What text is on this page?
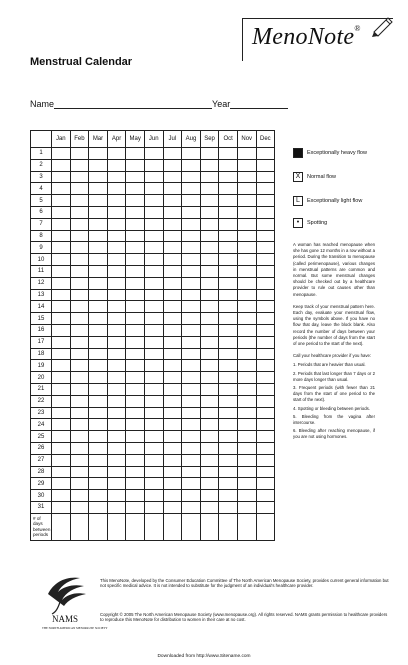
MenoNote®
Menstrual Calendar
Name	Year
	Jan	Feb	Mar	Apr	May	Jun	Jul	Aug	Sep	Oct	Nov	Dec
1												
2												
3												
4												
5												
6												
7												
8												
9												
10												
11												
12												
13												
14												
15												
16												
17												
18												
19												
20												
21												
22												
23												
24												
25												
26												
27												
28												
29												
30												
31												
# of days between periods												
Exceptionally heavy flow
X	Normal flow
L	Exceptionally light flow
•	Spotting

A woman has reached menopause when she has gone 12 months in a row without a period. During the transition to menopause (called perimenopause), various changes in menstrual patterns are common and normal. But some menstrual changes should be checked out by a healthcare provider to rule out causes other than menopause.

Keep track of your menstrual pattern here. Each day, evaluate your menstrual flow, using the symbols above. If you have no flow that day, leave the block blank. Also record the number of days between your periods (the number of days from the start of one period to the start of the next).

Call your healthcare provider if you have:

1. Periods that are heavier than usual.
2. Periods that last longer than 7 days or 2 more days longer than usual.
3. Frequent periods (with fewer than 21 days from the start of one period to the start of the next).
4. Spotting or bleeding between periods.
5. Bleeding from the vagina after intercourse.
6. Bleeding after reaching menopause, if you are not using hormones.
NAMS
THE NORTH AMERICAN MENOPAUSE SOCIETY
This MenoNote, developed by the Consumer Education Committee of The North American Menopause Society, provides current general information but not specific medical advice. It is not intended to substitute for the judgment of an individual's healthcare provider.
Copyright © 2005 The North American Menopause Society (www.menopause.org). All rights reserved. NAMS grants permission to healthcare providers to reproduce this MenoNote for distribution to women in their care at no cost.
Downloaded from http://www.Sitename.com
